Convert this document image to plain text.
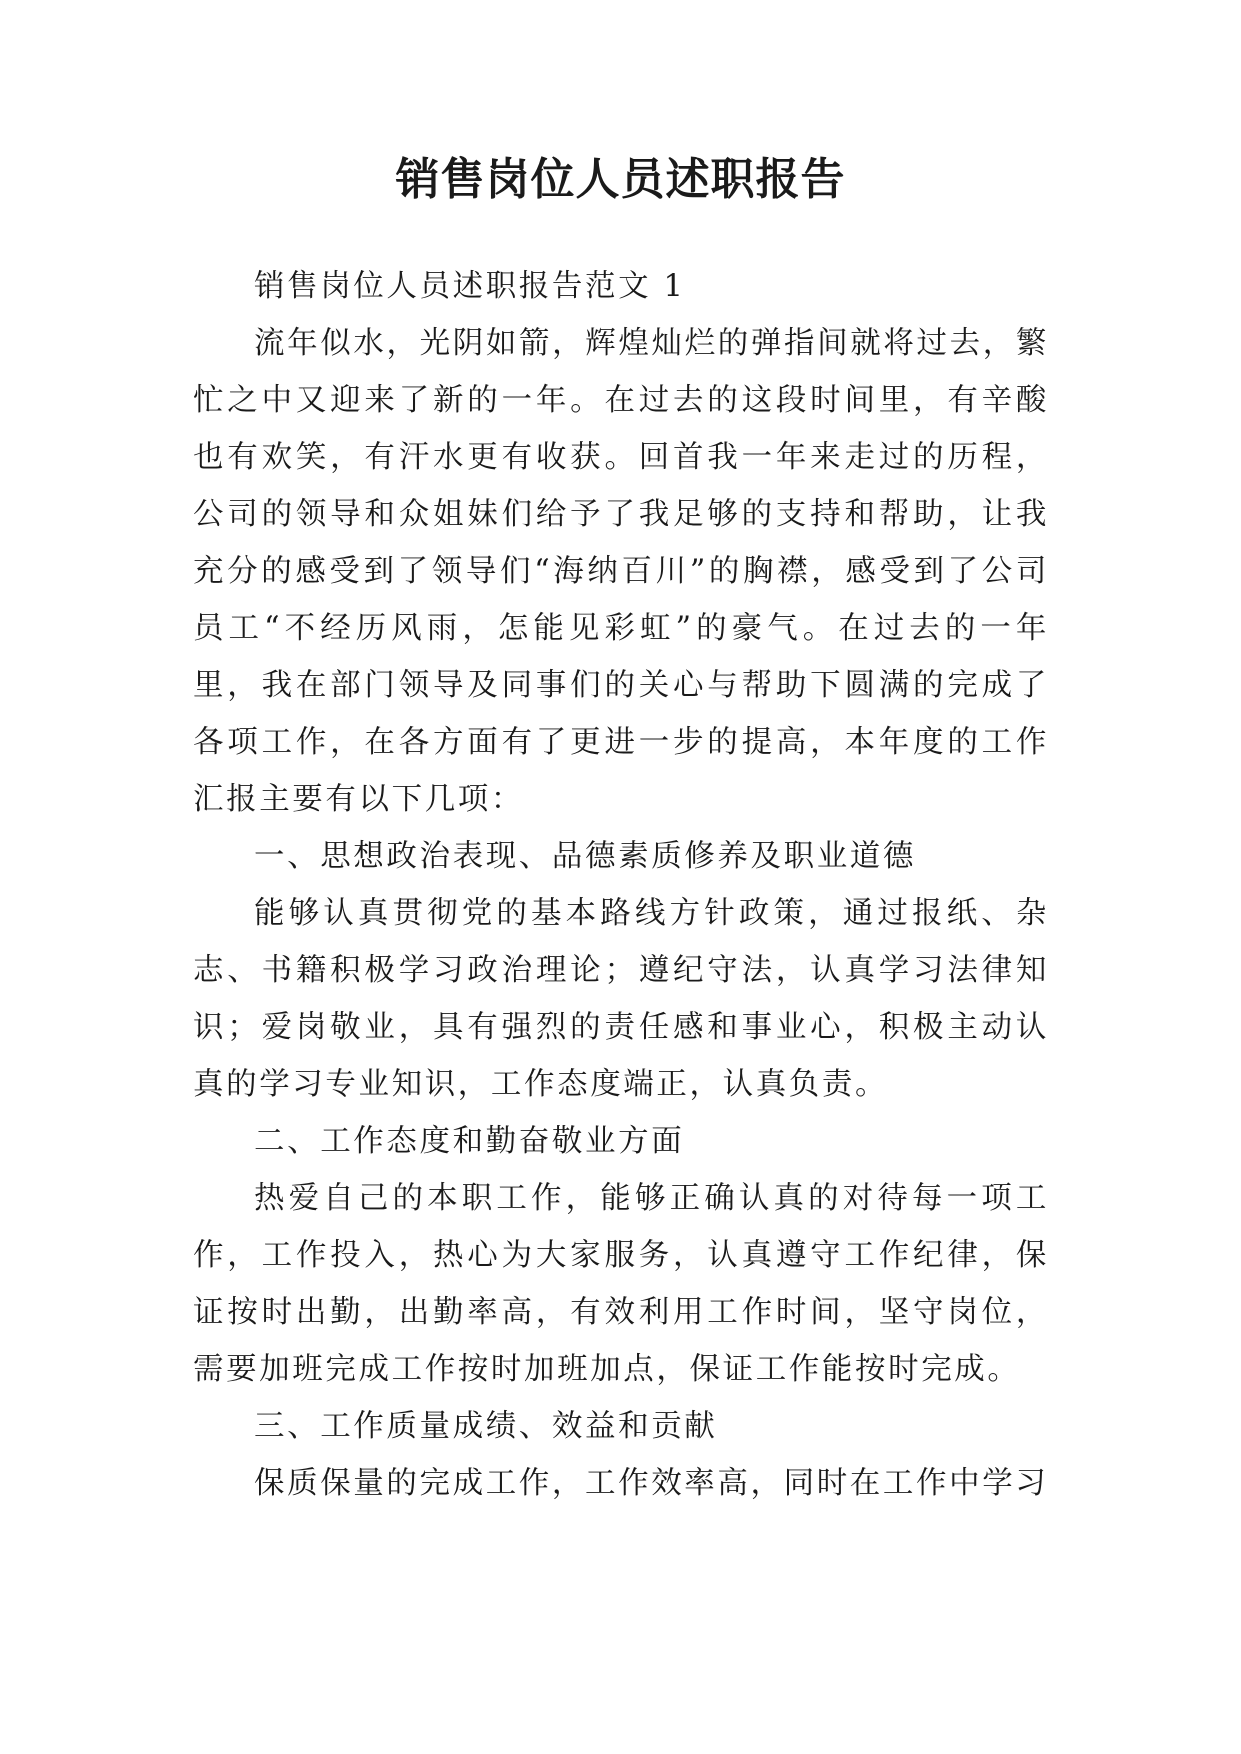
销售岗位人员述职报告

销售岗位人员述职报告范文 1

流年似水，光阴如箭，辉煌灿烂的弹指间就将过去，繁忙之中又迎来了新的一年。在过去的这段时间里，有辛酸也有欢笑，有汗水更有收获。回首我一年来走过的历程，公司的领导和众姐妹们给予了我足够的支持和帮助，让我充分的感受到了领导们“海纳百川”的胸襟，感受到了公司员工“不经历风雨，怎能见彩虹”的豪气。在过去的一年里，我在部门领导及同事们的关心与帮助下圆满的完成了各项工作，在各方面有了更进一步的提高，本年度的工作汇报主要有以下几项：

一、思想政治表现、品德素质修养及职业道德

能够认真贯彻党的基本路线方针政策，通过报纸、杂志、书籍积极学习政治理论；遵纪守法，认真学习法律知识；爱岗敬业，具有强烈的责任感和事业心，积极主动认真的学习专业知识，工作态度端正，认真负责。

二、工作态度和勤奋敬业方面

热爱自己的本职工作，能够正确认真的对待每一项工作，工作投入，热心为大家服务，认真遵守工作纪律，保证按时出勤，出勤率高，有效利用工作时间，坚守岗位，需要加班完成工作按时加班加点，保证工作能按时完成。

三、工作质量成绩、效益和贡献

保质保量的完成工作，工作效率高，同时在工作中学习
